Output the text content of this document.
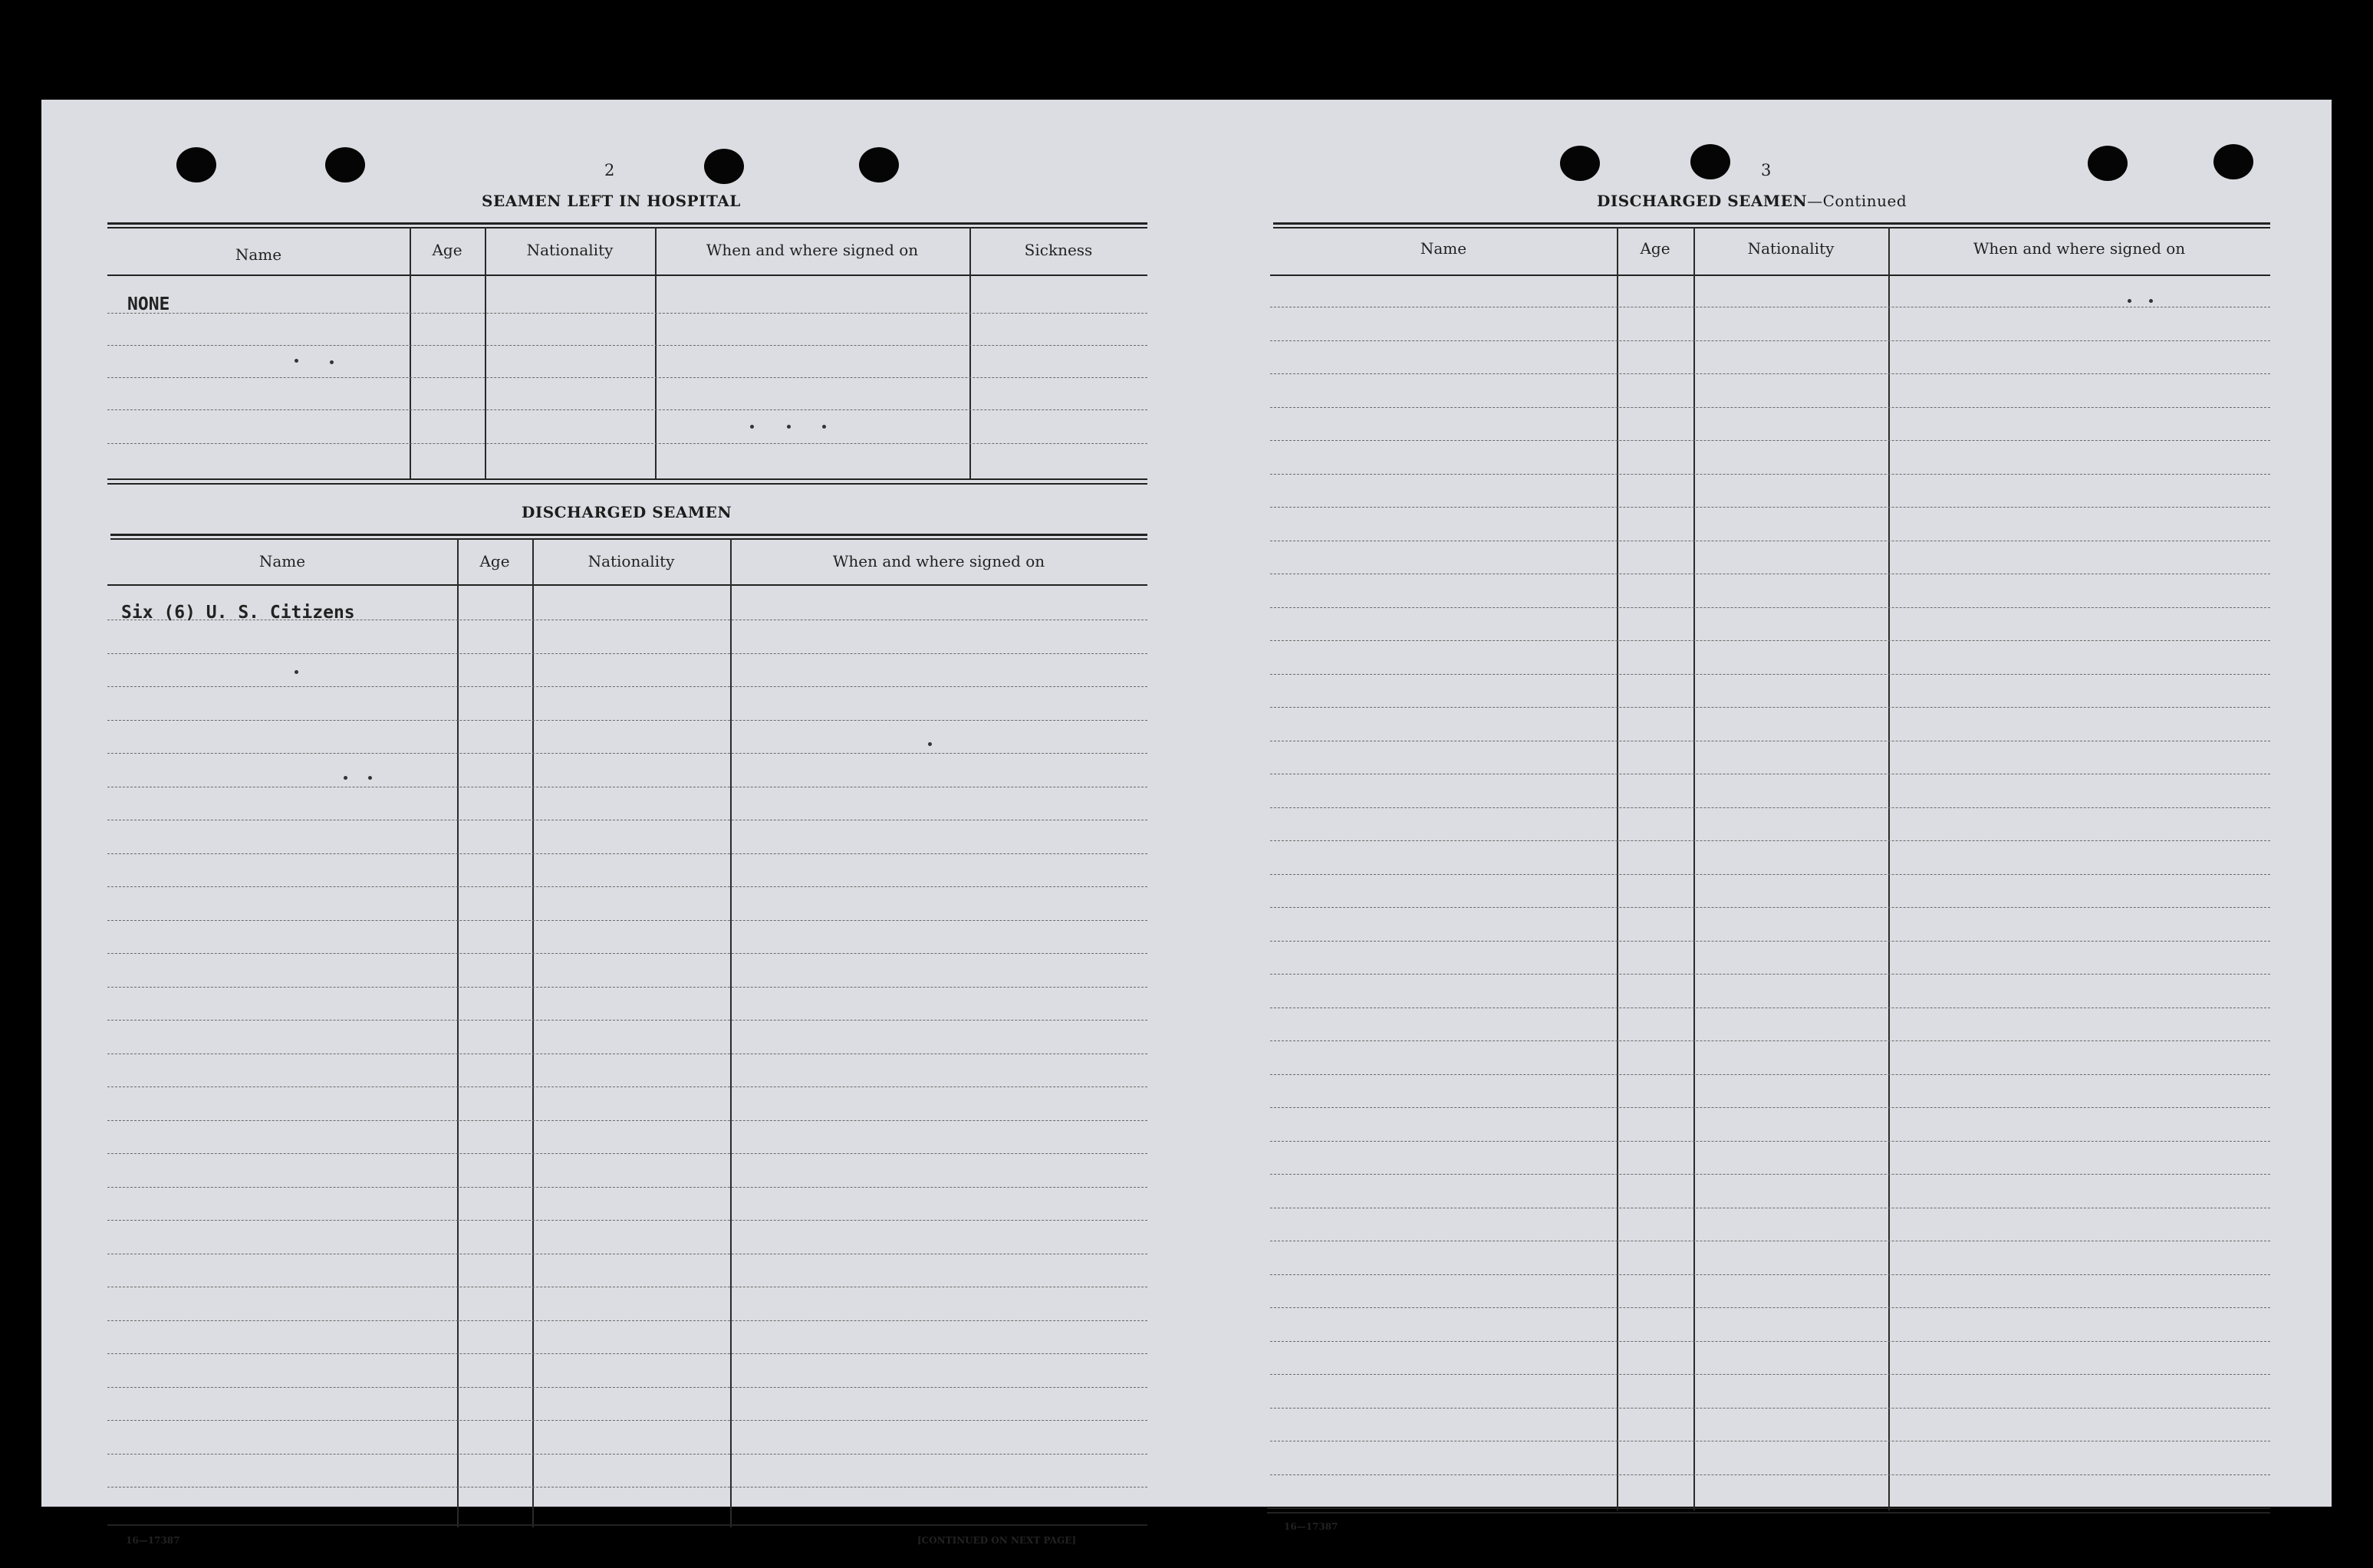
2
SEAMEN LEFT IN HOSPITAL
Name	Age	Nationality	When and where signed on	Sickness
NONE
DISCHARGED SEAMEN
Name	Age	Nationality	When and where signed on
Six (6) U. S. Citizens
16—17387	[CONTINUED ON NEXT PAGE]
3
DISCHARGED SEAMEN—Continued
Name	Age	Nationality	When and where signed on
16—17387
